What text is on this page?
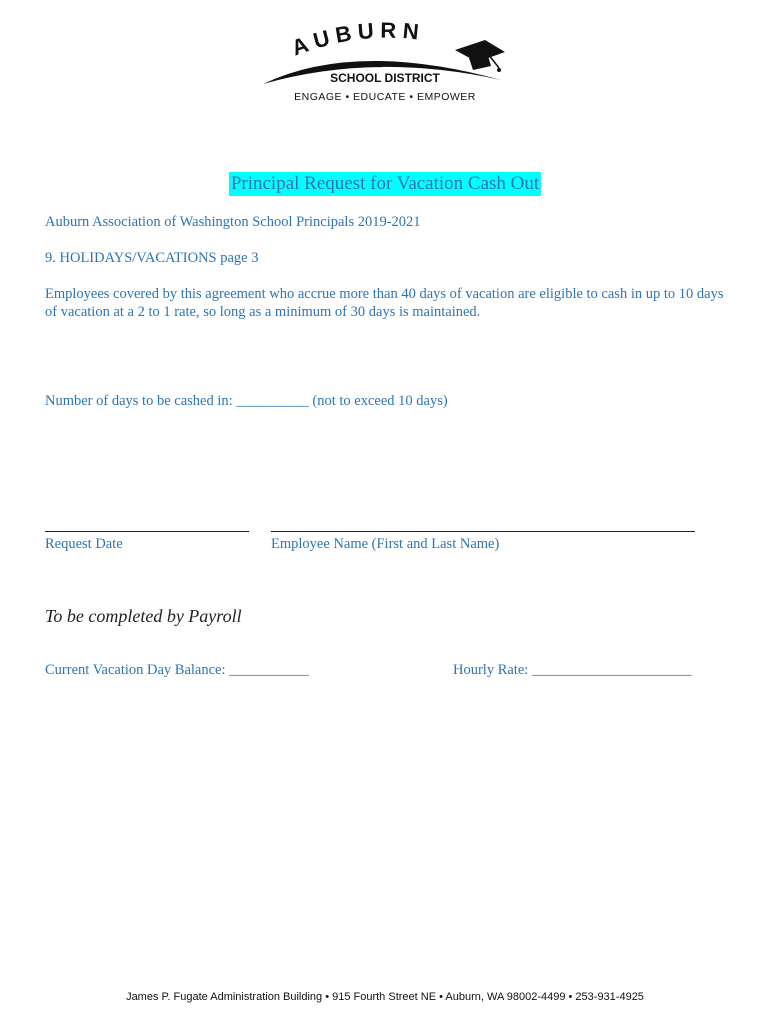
AUBURN
SCHOOL DISTRICT
ENGAGE • EDUCATE • EMPOWER
Principal Request for Vacation Cash Out
Auburn Association of Washington School Principals 2019-2021
9. HOLIDAYS/VACATIONS page 3
Employees covered by this agreement who accrue more than 40 days of vacation are eligible to cash in up to 10 days of vacation at a 2 to 1 rate, so long as a minimum of 30 days is maintained.
Number of days to be cashed in: __________ (not to exceed 10 days)
Request Date	Employee Name (First and Last Name)
To be completed by Payroll
Current Vacation Day Balance: ___________	Hourly Rate: ______________________
James P. Fugate Administration Building • 915 Fourth Street NE • Auburn, WA 98002-4499 • 253-931-4925
